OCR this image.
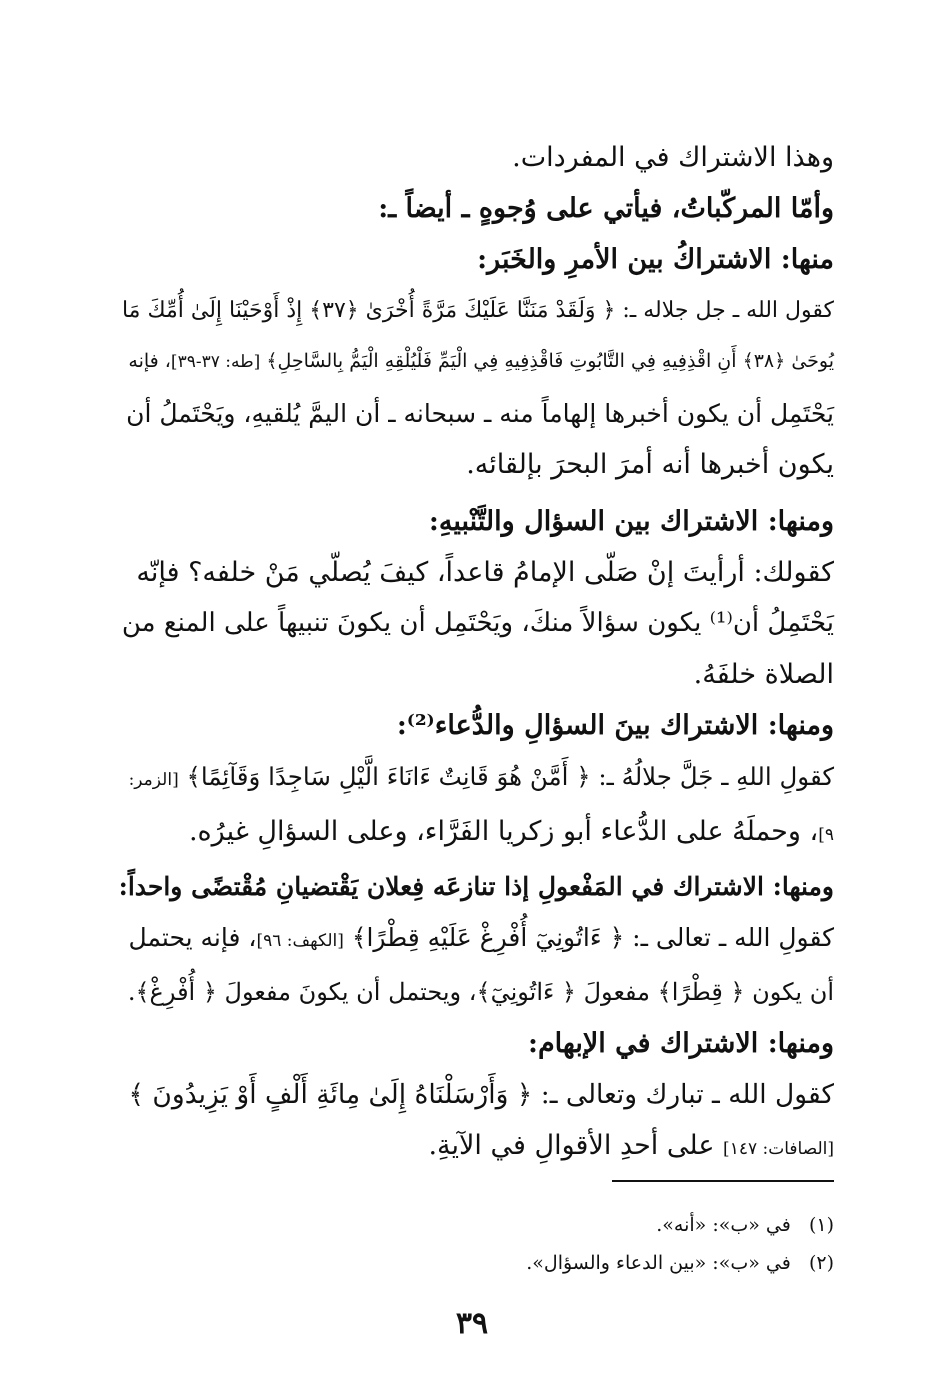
وهذا الاشتراك في المفردات.
وأمّا المركّباتُ، فيأتي على وُجوهٍ ـ أيضاً ـ:
منها: الاشتراكُ بين الأمرِ والخَبَر:
كقول الله ـ جل جلاله ـ: ﴿ وَلَقَدْ مَنَنَّا عَلَيْكَ مَرَّةً أُخْرَىٰ ﴿٣٧﴾ إِذْ أَوْحَيْنَا إِلَىٰ أُمِّكَ مَا
يُوحَىٰ ﴿٣٨﴾ أَنِ اقْذِفِيهِ فِي التَّابُوتِ فَاقْذِفِيهِ فِي الْيَمِّ فَلْيُلْقِهِ الْيَمُّ بِالسَّاحِلِ﴾ [طه: ٣٧-٣٩]، فإنه
يَحْتَمِل أن يكون أخبرها إلهاماً منه ـ سبحانه ـ أن اليمَّ يُلقيهِ، ويَحْتَملُ أن
يكون أخبرها أنه أمرَ البحرَ بإلقائه.
ومنها: الاشتراك بين السؤال والتَّنْبيهِ:
كقولك: أرأيتَ إنْ صَلّى الإمامُ قاعداً، كيفَ يُصلّي مَنْ خلفه؟ فإنّه
يَحْتَمِلُ أن⁽¹⁾ يكون سؤالاً منكَ، ويَحْتَمِل أن يكونَ تنبيهاً على المنع من
الصلاة خلفَهُ.
ومنها: الاشتراك بينَ السؤالِ والدُّعاء⁽²⁾:
كقولِ اللهِ ـ جَلَّ جلالُهُ ـ: ﴿ أَمَّنْ هُوَ قَانِتٌ ءَانَاءَ الَّيْلِ سَاجِدًا وَقَآئِمًا﴾ [الزمر:
٩]، وحملَهُ على الدُّعاء أبو زكريا الفَرَّاء، وعلى السؤالِ غيرُه.
ومنها: الاشتراك في المَفْعولِ إذا تنازعَه فِعلان يَقْتضيانِ مُقْتضًى واحداً:
كقولِ الله ـ تعالى ـ: ﴿ ءَاتُونِيٓ أُفْرِغْ عَلَيْهِ قِطْرًا﴾ [الكهف: ٩٦]، فإنه يحتمل
أن يكون ﴿ قِطْرًا﴾ مفعولَ ﴿ ءَاتُونِيٓ﴾، ويحتمل أن يكونَ مفعولَ ﴿ أُفْرِغْ﴾.
ومنها: الاشتراك في الإبهام:
كقول الله ـ تبارك وتعالى ـ: ﴿ وَأَرْسَلْنَاهُ إِلَىٰ مِائَةِ أَلْفٍ أَوْ يَزِيدُونَ ﴾
[الصافات: ١٤٧] على أحدِ الأقوالِ في الآيةِ.
(١)   في «ب»: «أنه».
(٢)   في «ب»: «بين الدعاء والسؤال».
٣٩
